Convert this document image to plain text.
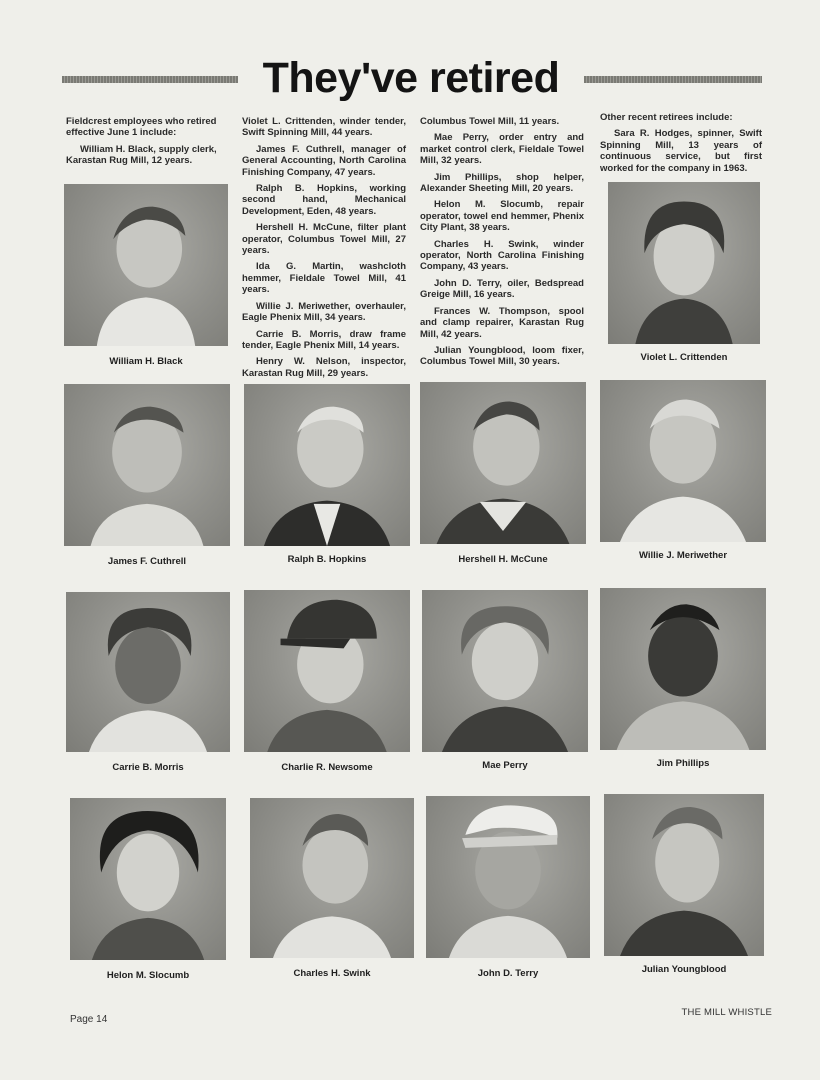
They've retired

Fieldcrest employees who retired effective June 1 include:

William H. Black, supply clerk, Karastan Rug Mill, 12 years.

Violet L. Crittenden, winder tender, Swift Spinning Mill, 44 years.

James F. Cuthrell, manager of General Accounting, North Carolina Finishing Company, 47 years.

Ralph B. Hopkins, working second hand, Mechanical Development, Eden, 48 years.

Hershell H. McCune, filter plant operator, Columbus Towel Mill, 27 years.

Ida G. Martin, washcloth hemmer, Fieldale Towel Mill, 41 years.

Willie J. Meriwether, overhauler, Eagle Phenix Mill, 34 years.

Carrie B. Morris, draw frame tender, Eagle Phenix Mill, 14 years.

Henry W. Nelson, inspector, Karastan Rug Mill, 29 years.

Columbus Towel Mill, 11 years.

Mae Perry, order entry and market control clerk, Fieldale Towel Mill, 32 years.

Jim Phillips, shop helper, Alexander Sheeting Mill, 20 years.

Helon M. Slocumb, repair operator, towel end hemmer, Phenix City Plant, 38 years.

Charles H. Swink, winder operator, North Carolina Finishing Company, 43 years.

John D. Terry, oiler, Bedspread Greige Mill, 16 years.

Frances W. Thompson, spool and clamp repairer, Karastan Rug Mill, 42 years.

Julian Youngblood, loom fixer, Columbus Towel Mill, 30 years.

Other recent retirees include:

Sara R. Hodges, spinner, Swift Spinning Mill, 13 years of continuous service, but first worked for the company in 1963.

William H. Black	Violet L. Crittenden
James F. Cuthrell	Ralph B. Hopkins	Hershell H. McCune	Willie J. Meriwether
Carrie B. Morris	Charlie R. Newsome	Mae Perry	Jim Phillips
Helon M. Slocumb	Charles H. Swink	John D. Terry	Julian Youngblood
Page 14
THE MILL WHISTLE
